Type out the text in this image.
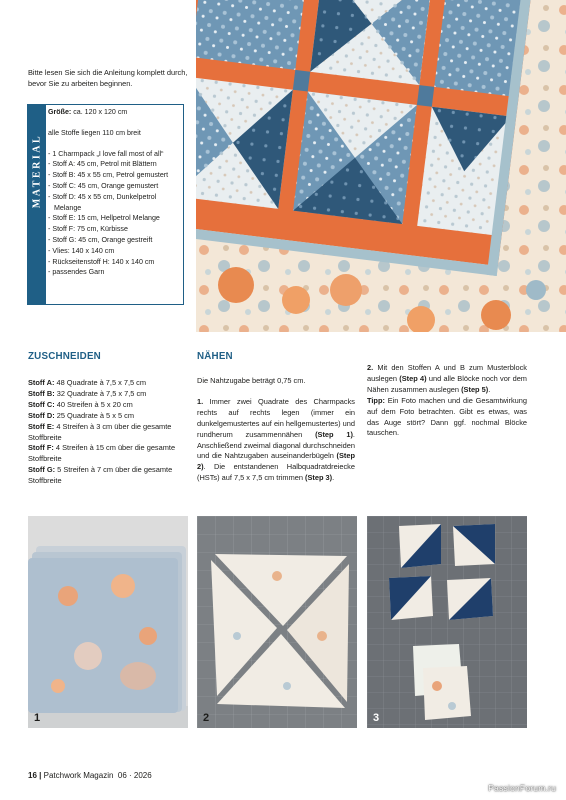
Bitte lesen Sie sich die Anleitung komplett durch, bevor Sie zu arbeiten beginnen.
MATERIAL

Größe: ca. 120 x 120 cm

alle Stoffe liegen 110 cm breit

- 1 Charmpack „I love fall most of all“

- Stoff A: 45 cm, Petrol mit Blättern

- Stoff B: 45 x 55 cm, Petrol gemustert

- Stoff C: 45 cm, Orange gemustert

- Stoff D: 45 x 55 cm, Dunkelpetrol Melange

- Stoff E: 15 cm, Hellpetrol Melange

- Stoff F: 75 cm, Kürbisse

- Stoff G: 45 cm, Orange gestreift

- Vlies: 140 x 140 cm

- Rückseitenstoff H: 140 x 140 cm

- passendes Garn

ZUSCHNEIDEN

Stoff A: 48 Quadrate à 7,5 x 7,5 cm

Stoff B: 32 Quadrate à 7,5 x 7,5 cm

Stoff C: 40 Streifen à 5 x 20 cm

Stoff D: 25 Quadrate à 5 x 5 cm

Stoff E: 4 Streifen à 3 cm über die gesamte Stoffbreite

Stoff F: 4 Streifen à 15 cm über die gesamte Stoffbreite

Stoff G: 5 Streifen à 7 cm über die gesamte Stoffbreite

NÄHEN

Die Nahtzugabe beträgt 0,75 cm.

1. Immer zwei Quadrate des Charmpacks rechts auf rechts legen (immer ein dunkelgemustertes auf ein hellgemustertes) und rundherum zusammennähen (Step 1). Anschließend zweimal diagonal durchschneiden und die Nahtzugaben auseinanderbügeln (Step 2). Die entstandenen Halbquadratdreiecke (HSTs) auf 7,5 x 7,5 cm trimmen (Step 3).

2. Mit den Stoffen A und B zum Musterblock auslegen (Step 4) und alle Blöcke noch vor dem Nähen zusammen auslegen (Step 5).

Tipp: Ein Foto machen und die Gesamtwirkung auf dem Foto betrachten. Gibt es etwas, was das Auge stört? Dann ggf. nochmal Blöcke tauschen.

1	2	3
16 | Patchwork Magazin 06 · 2026
PassionForum.ru
